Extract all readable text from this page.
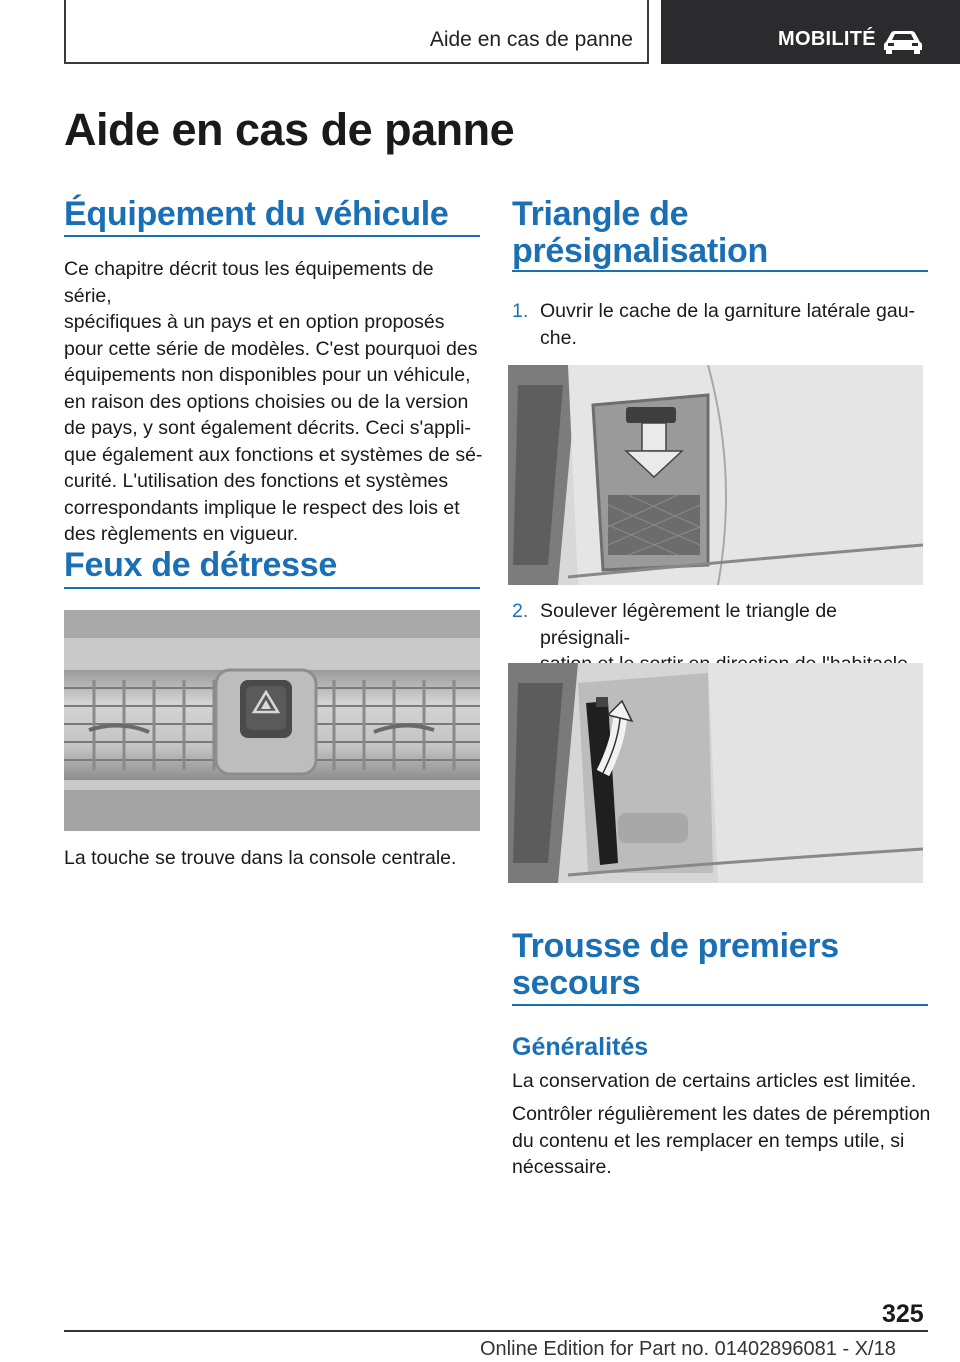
Aide en cas de panne	MOBILITÉ
Aide en cas de panne
Équipement du véhicule

Ce chapitre décrit tous les équipements de série,
spécifiques à un pays et en option proposés
pour cette série de modèles. C'est pourquoi des
équipements non disponibles pour un véhicule,
en raison des options choisies ou de la version
de pays, y sont également décrits. Ceci s'appli‐
que également aux fonctions et systèmes de sé‐
curité. L'utilisation des fonctions et systèmes
correspondants implique le respect des lois et
des règlements en vigueur.

Feux de détresse

La touche se trouve dans la console centrale.

Triangle de
présignalisation
1. Ouvrir le cache de la garniture latérale gau‐
che.
2. Soulever légèrement le triangle de présignali‐

Trousse de premiers
secours
Généralités

La conservation de certains articles est limitée.

Contrôler régulièrement les dates de péremption
du contenu et les remplacer en temps utile, si
nécessaire.

325
Online Edition for Part no. 01402896081 - X/18
